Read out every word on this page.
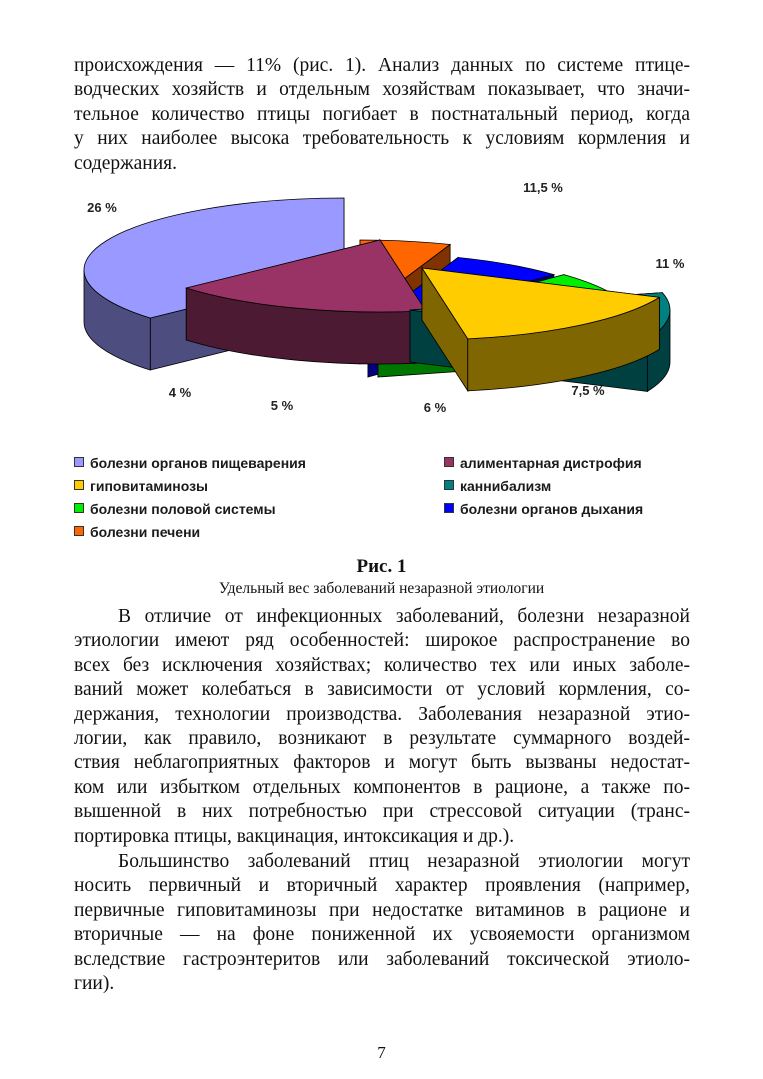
происхождения — 11% (рис. 1). Анализ данных по системе птице-
водческих хозяйств и отдельным хозяйствам показывает, что значи-
тельное количество птицы погибает в постнатальный период, когда
у них наиболее высока требовательность к условиям кормления и
содержания.
26 %
11,5 %
11 %
7,5 %
6 %
5 %
4 %
болезни органов пищеварения	алиментарная дистрофия
гиповитаминозы	каннибализм
болезни половой системы	болезни органов дыхания
болезни печени
Рис. 1
Удельный вес заболеваний незаразной этиологии
В отличие от инфекционных заболеваний, болезни незаразной
этиологии имеют ряд особенностей: широкое распространение во
всех без исключения хозяйствах; количество тех или иных заболе-
ваний может колебаться в зависимости от условий кормления, со-
держания, технологии производства. Заболевания незаразной этио-
логии, как правило, возникают в результате суммарного воздей-
ствия неблагоприятных факторов и могут быть вызваны недостат-
ком или избытком отдельных компонентов в рационе, а также по-
вышенной в них потребностью при стрессовой ситуации (транс-
портировка птицы, вакцинация, интоксикация и др.).
Большинство заболеваний птиц незаразной этиологии могут
носить первичный и вторичный характер проявления (например,
первичные гиповитаминозы при недостатке витаминов в рационе и
вторичные — на фоне пониженной их усвояемости организмом
вследствие гастроэнтеритов или заболеваний токсической этиоло-
гии).
7
